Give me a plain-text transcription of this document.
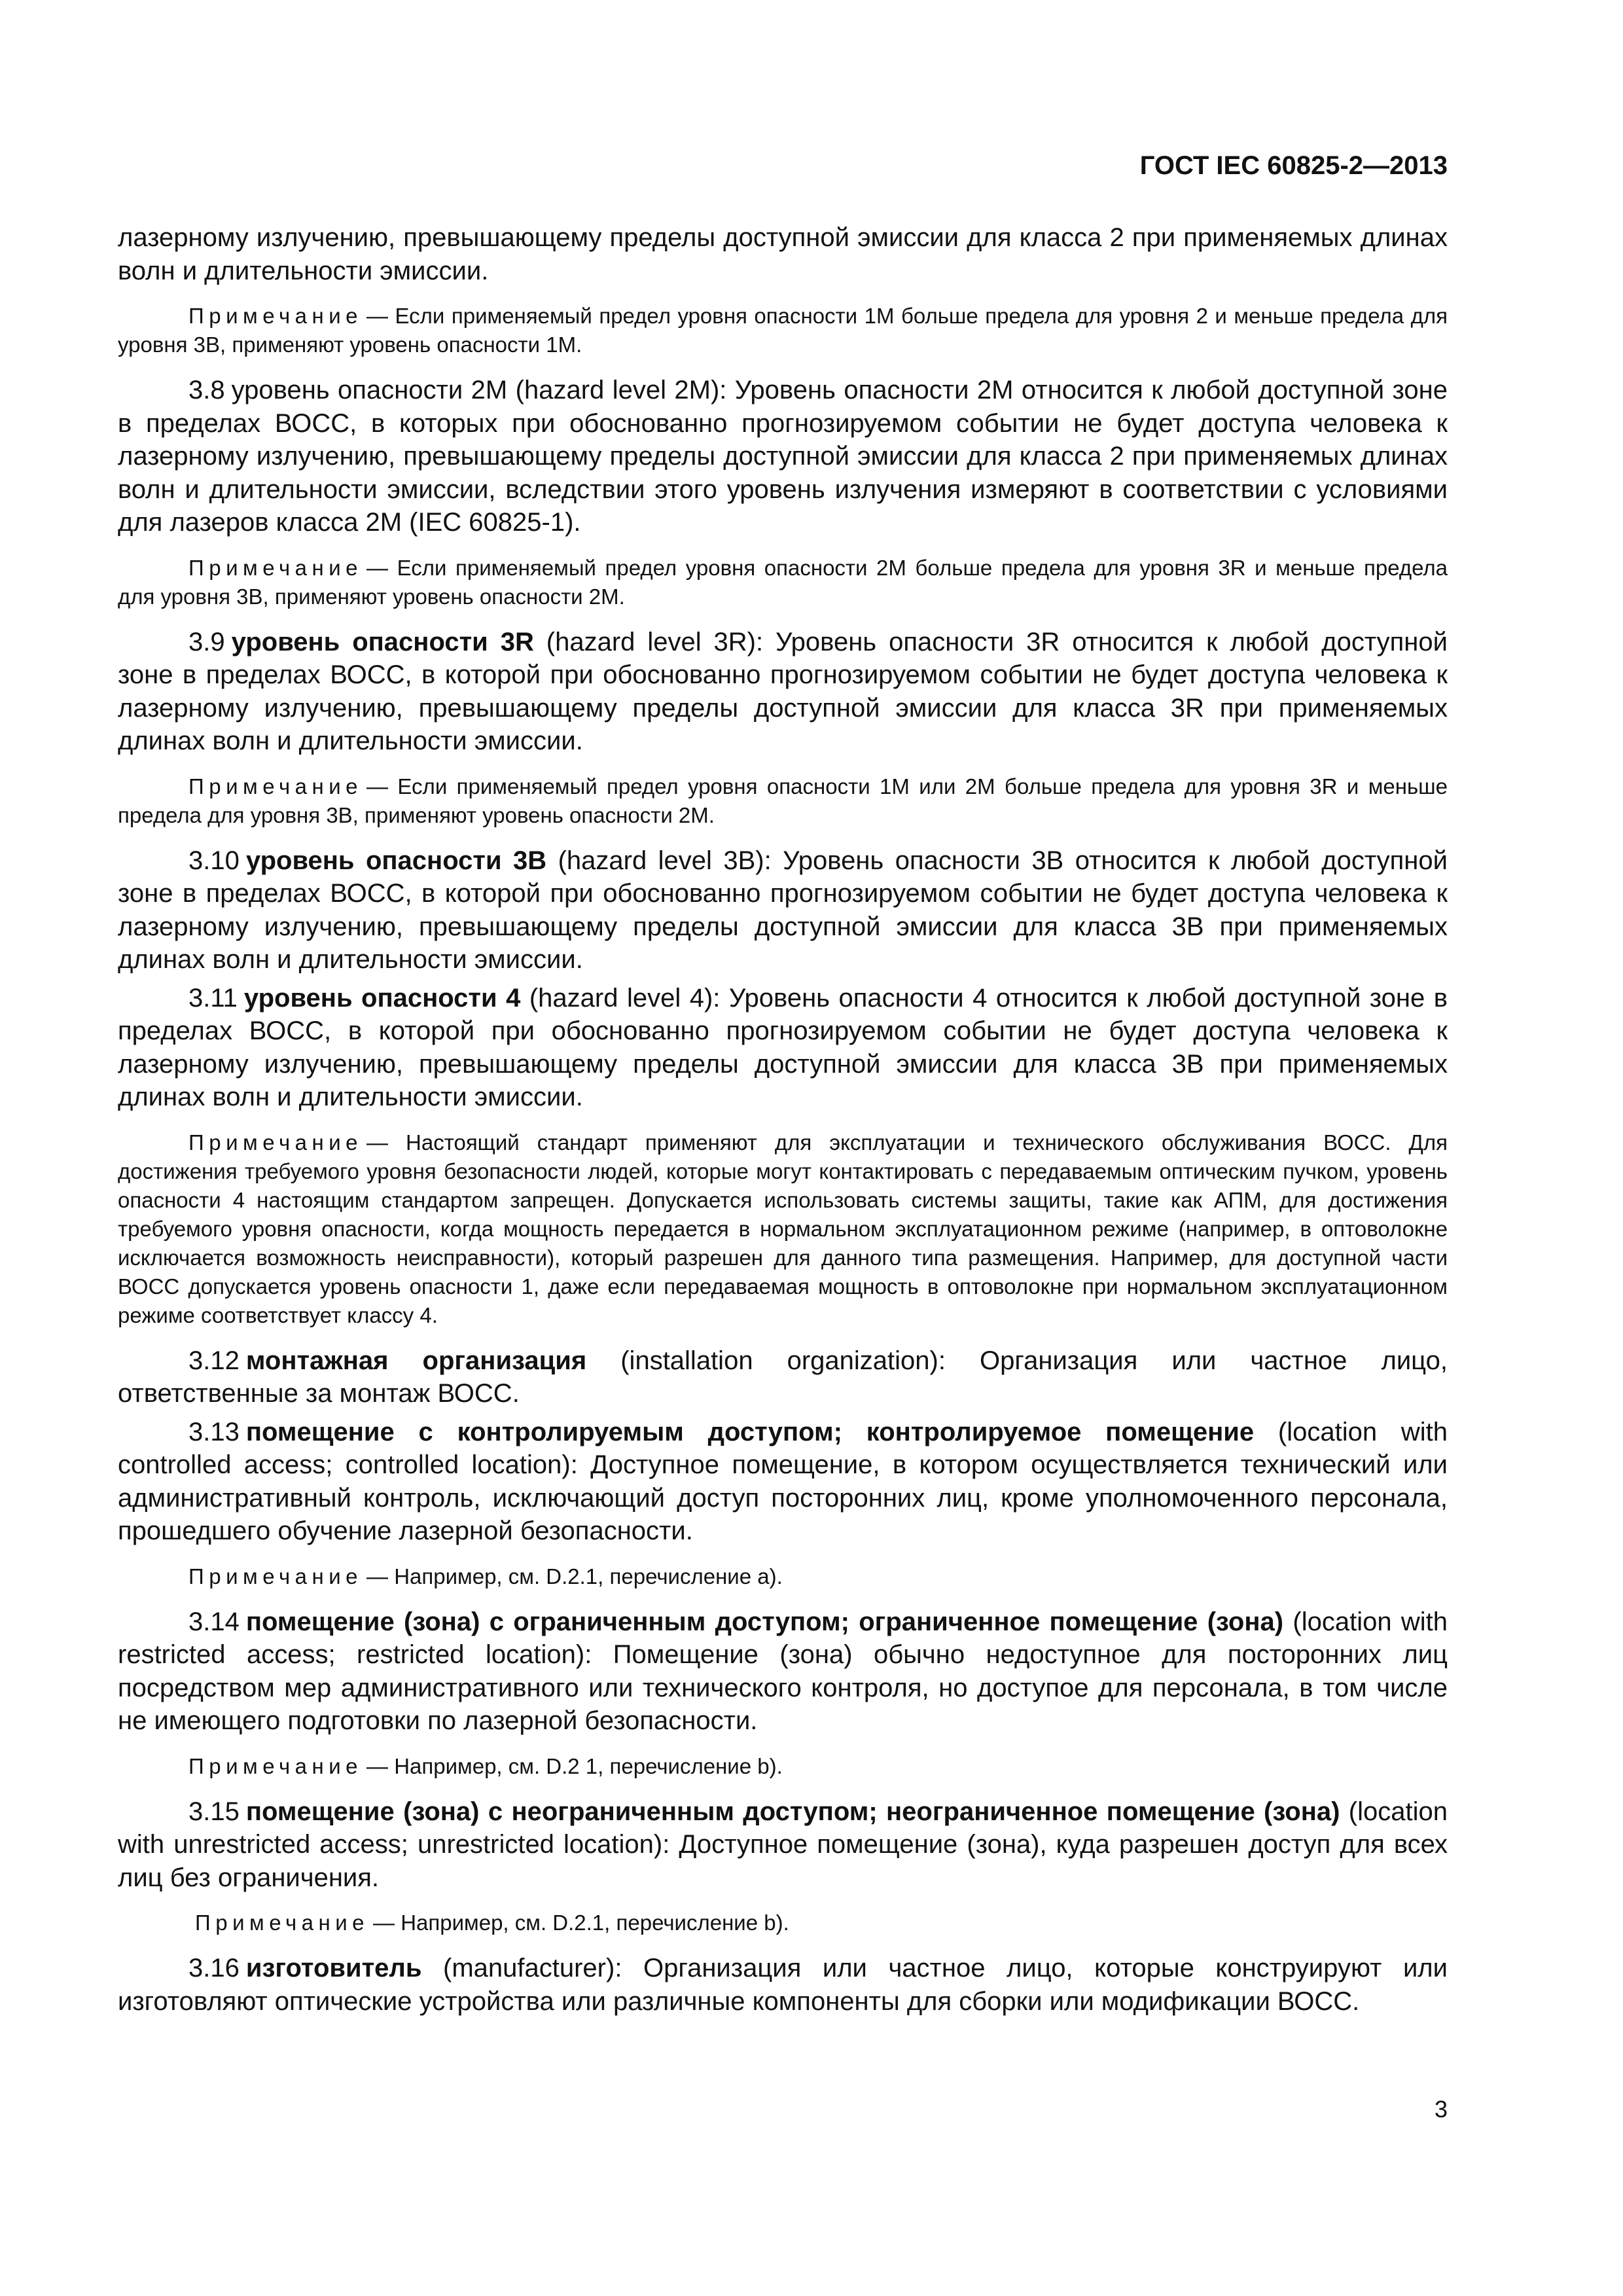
ГОСТ IEC 60825-2—2013

лазерному излучению, превышающему пределы доступной эмиссии для класса 2 при применяемых длинах волн и длительности эмиссии.

Примечание — Если применяемый предел уровня опасности 1М больше предела для уровня 2 и меньше предела для уровня 3В, применяют уровень опасности 1М.

3.8 уровень опасности 2М (hazard level 2M): Уровень опасности 2М относится к любой доступной зоне в пределах ВОСС, в которых при обоснованно прогнозируемом событии не будет доступа человека к лазерному излучению, превышающему пределы доступной эмиссии для класса 2 при применяемых длинах волн и длительности эмиссии, вследствии этого уровень излучения измеряют в соответствии с условиями для лазеров класса 2М (IEC 60825-1).

Примечание — Если применяемый предел уровня опасности 2М больше предела для уровня 3R и меньше предела для уровня 3В, применяют уровень опасности 2М.

3.9 уровень опасности 3R (hazard level 3R): Уровень опасности 3R относится к любой доступной зоне в пределах ВОСС, в которой при обоснованно прогнозируемом событии не будет доступа человека к лазерному излучению, превышающему пределы доступной эмиссии для класса 3R при применяемых длинах волн и длительности эмиссии.

Примечание — Если применяемый предел уровня опасности 1М или 2М больше предела для уровня 3R и меньше предела для уровня 3В, применяют уровень опасности 2М.

3.10 уровень опасности 3В (hazard level 3B): Уровень опасности 3В относится к любой доступной зоне в пределах ВОСС, в которой при обоснованно прогнозируемом событии не будет доступа человека к лазерному излучению, превышающему пределы доступной эмиссии для класса 3В при применяемых длинах волн и длительности эмиссии.

3.11 уровень опасности 4 (hazard level 4): Уровень опасности 4 относится к любой доступной зоне в пределах ВОСС, в которой при обоснованно прогнозируемом событии не будет доступа человека к лазерному излучению, превышающему пределы доступной эмиссии для класса 3В при применяемых длинах волн и длительности эмиссии.

Примечание — Настоящий стандарт применяют для эксплуатации и технического обслуживания ВОСС. Для достижения требуемого уровня безопасности людей, которые могут контактировать с передаваемым оптическим пучком, уровень опасности 4 настоящим стандартом запрещен. Допускается использовать системы защиты, такие как АПМ, для достижения требуемого уровня опасности, когда мощность передается в нормальном эксплуатационном режиме (например, в оптоволокне исключается возможность неисправности), который разрешен для данного типа размещения. Например, для доступной части ВОСС допускается уровень опасности 1, даже если передаваемая мощность в оптоволокне при нормальном эксплуатационном режиме соответствует классу 4.

3.12 монтажная организация (installation organization): Организация или частное лицо, ответственные за монтаж ВОСС.

3.13 помещение с контролируемым доступом; контролируемое помещение (location with controlled access; controlled location): Доступное помещение, в котором осуществляется технический или административный контроль, исключающий доступ посторонних лиц, кроме уполномоченного персонала, прошедшего обучение лазерной безопасности.

Примечание — Например, см. D.2.1, перечисление а).

3.14 помещение (зона) с ограниченным доступом; ограниченное помещение (зона) (location with restricted access; restricted location): Помещение (зона) обычно недоступное для посторонних лиц посредством мер административного или технического контроля, но доступое для персонала, в том числе не имеющего подготовки по лазерной безопасности.

Примечание — Например, см. D.2 1, перечисление b).

3.15 помещение (зона) с неограниченным доступом; неограниченное помещение (зона) (location with unrestricted access; unrestricted location): Доступное помещение (зона), куда разрешен доступ для всех лиц без ограничения.

Примечание — Например, см. D.2.1, перечисление b).

3.16 изготовитель (manufacturer): Организация или частное лицо, которые конструируют или изготовляют оптические устройства или различные компоненты для сборки или модификации ВОСС.

3
